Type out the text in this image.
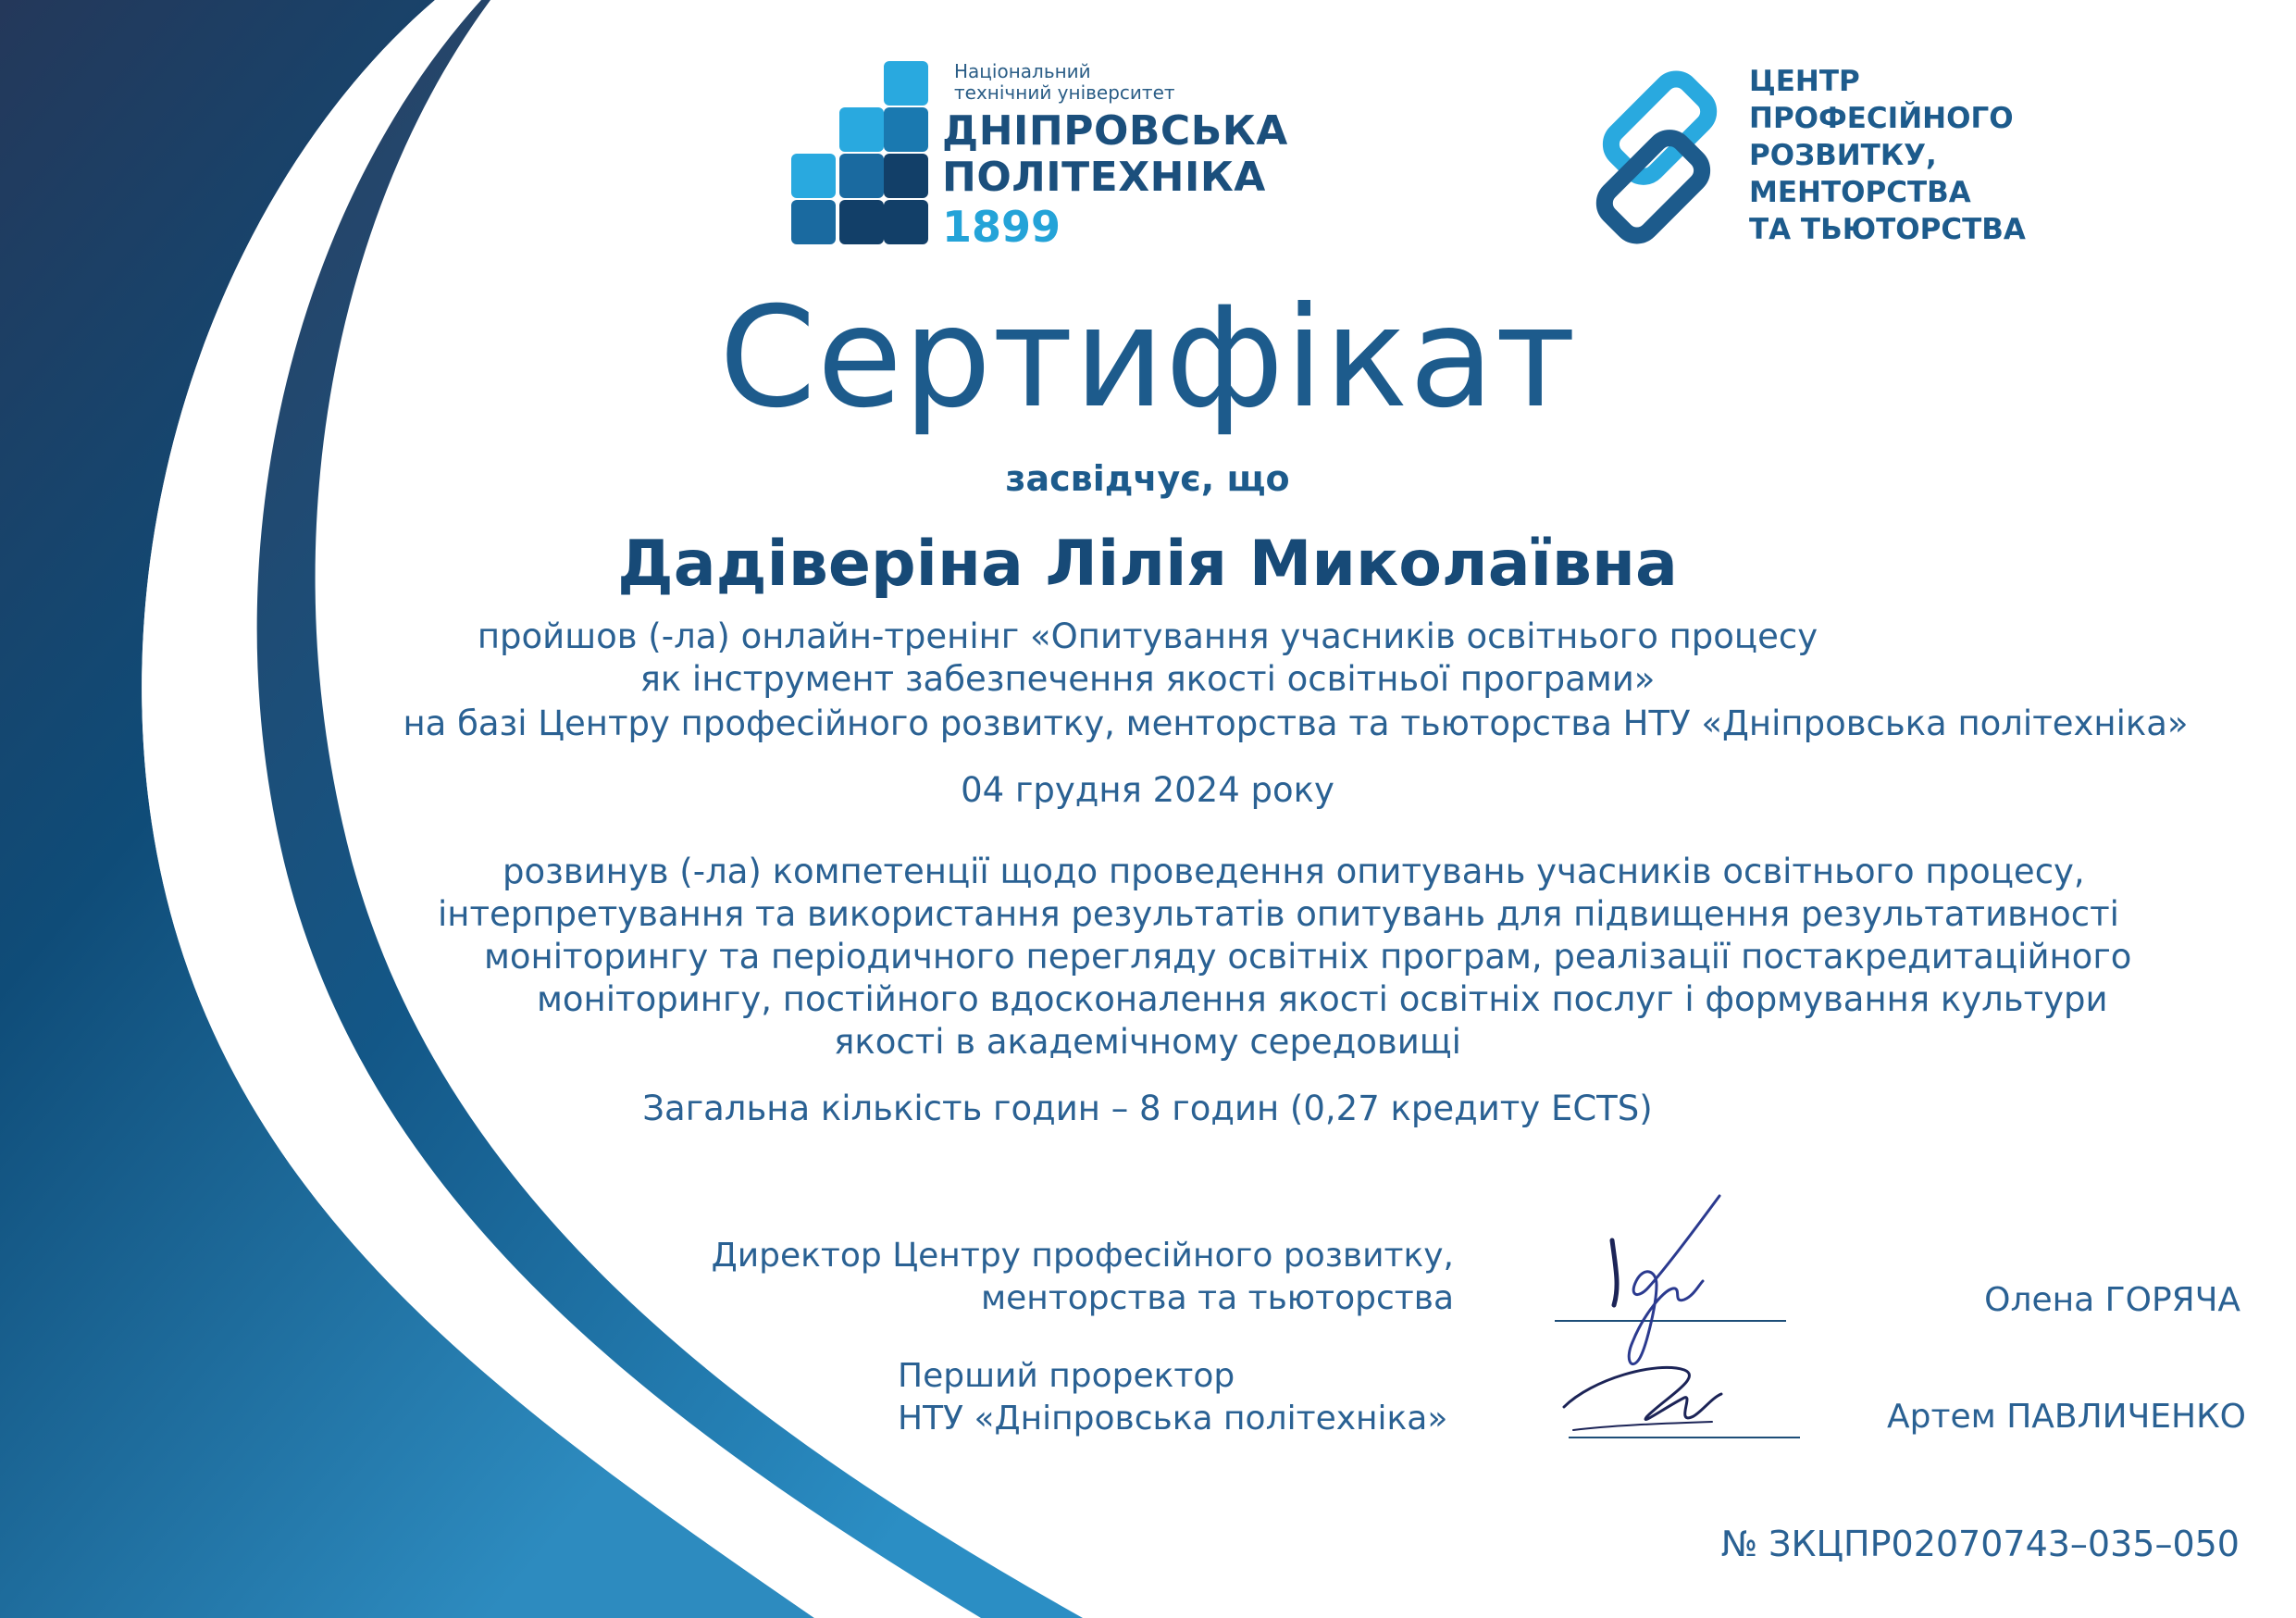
Національний
технічний університет
ДНІПРОВСЬКА
ПОЛІТЕХНІКА
1899
ЦЕНТР
ПРОФЕСІЙНОГО
РОЗВИТКУ,
МЕНТОРСТВА
ТА ТЬЮТОРСТВА
Сертифікат
засвідчує, що
Дадіверіна Лілія Миколаївна
пройшов (-ла) онлайн-тренінг «Опитування учасників освітнього процесу
як інструмент забезпечення якості освітньої програми»
на базі Центру професійного розвитку, менторства та тьюторства НТУ «Дніпровська політехніка»
04 грудня 2024 року
розвинув (-ла) компетенції щодо проведення опитувань учасників освітнього процесу,
інтерпретування та використання результатів опитувань для підвищення результативності
моніторингу та періодичного перегляду освітніх програм, реалізації постакредитаційного
моніторингу, постійного вдосконалення якості освітніх послуг і формування культури
якості в академічному середовищі
Загальна кількість годин – 8 годин (0,27 кредиту ECTS)
Директор Центру професійного розвитку,
менторства та тьюторства	Олена ГОРЯЧА
Перший проректор
НТУ «Дніпровська політехніка»	Артем ПАВЛИЧЕНКО
№ ЗКЦПР02070743–035–050
